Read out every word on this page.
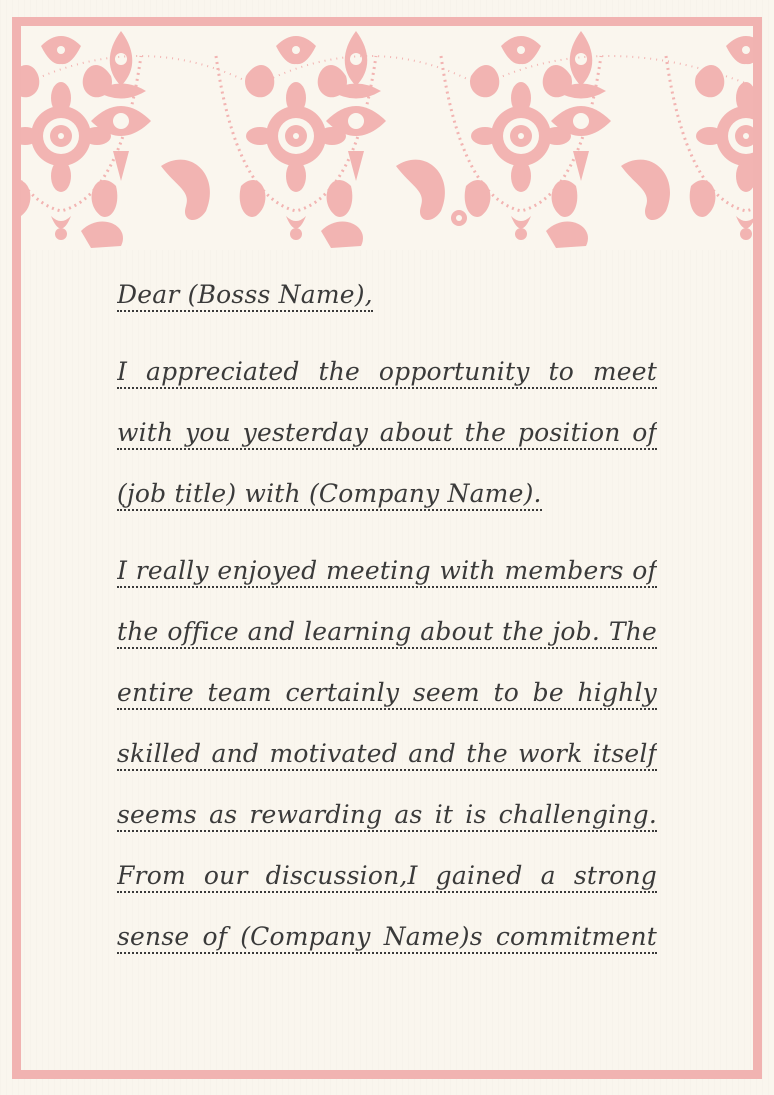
Dear (Bosss Name),
I appreciated the opportunity to meet
with you yesterday about the position of
(job title) with (Company Name).
I really enjoyed meeting with members of
the office and learning about the job. The
entire team certainly seem to be highly
skilled and motivated and the work itself
seems as rewarding as it is challenging.
From our discussion,I gained a strong
sense of (Company Name)s commitment
